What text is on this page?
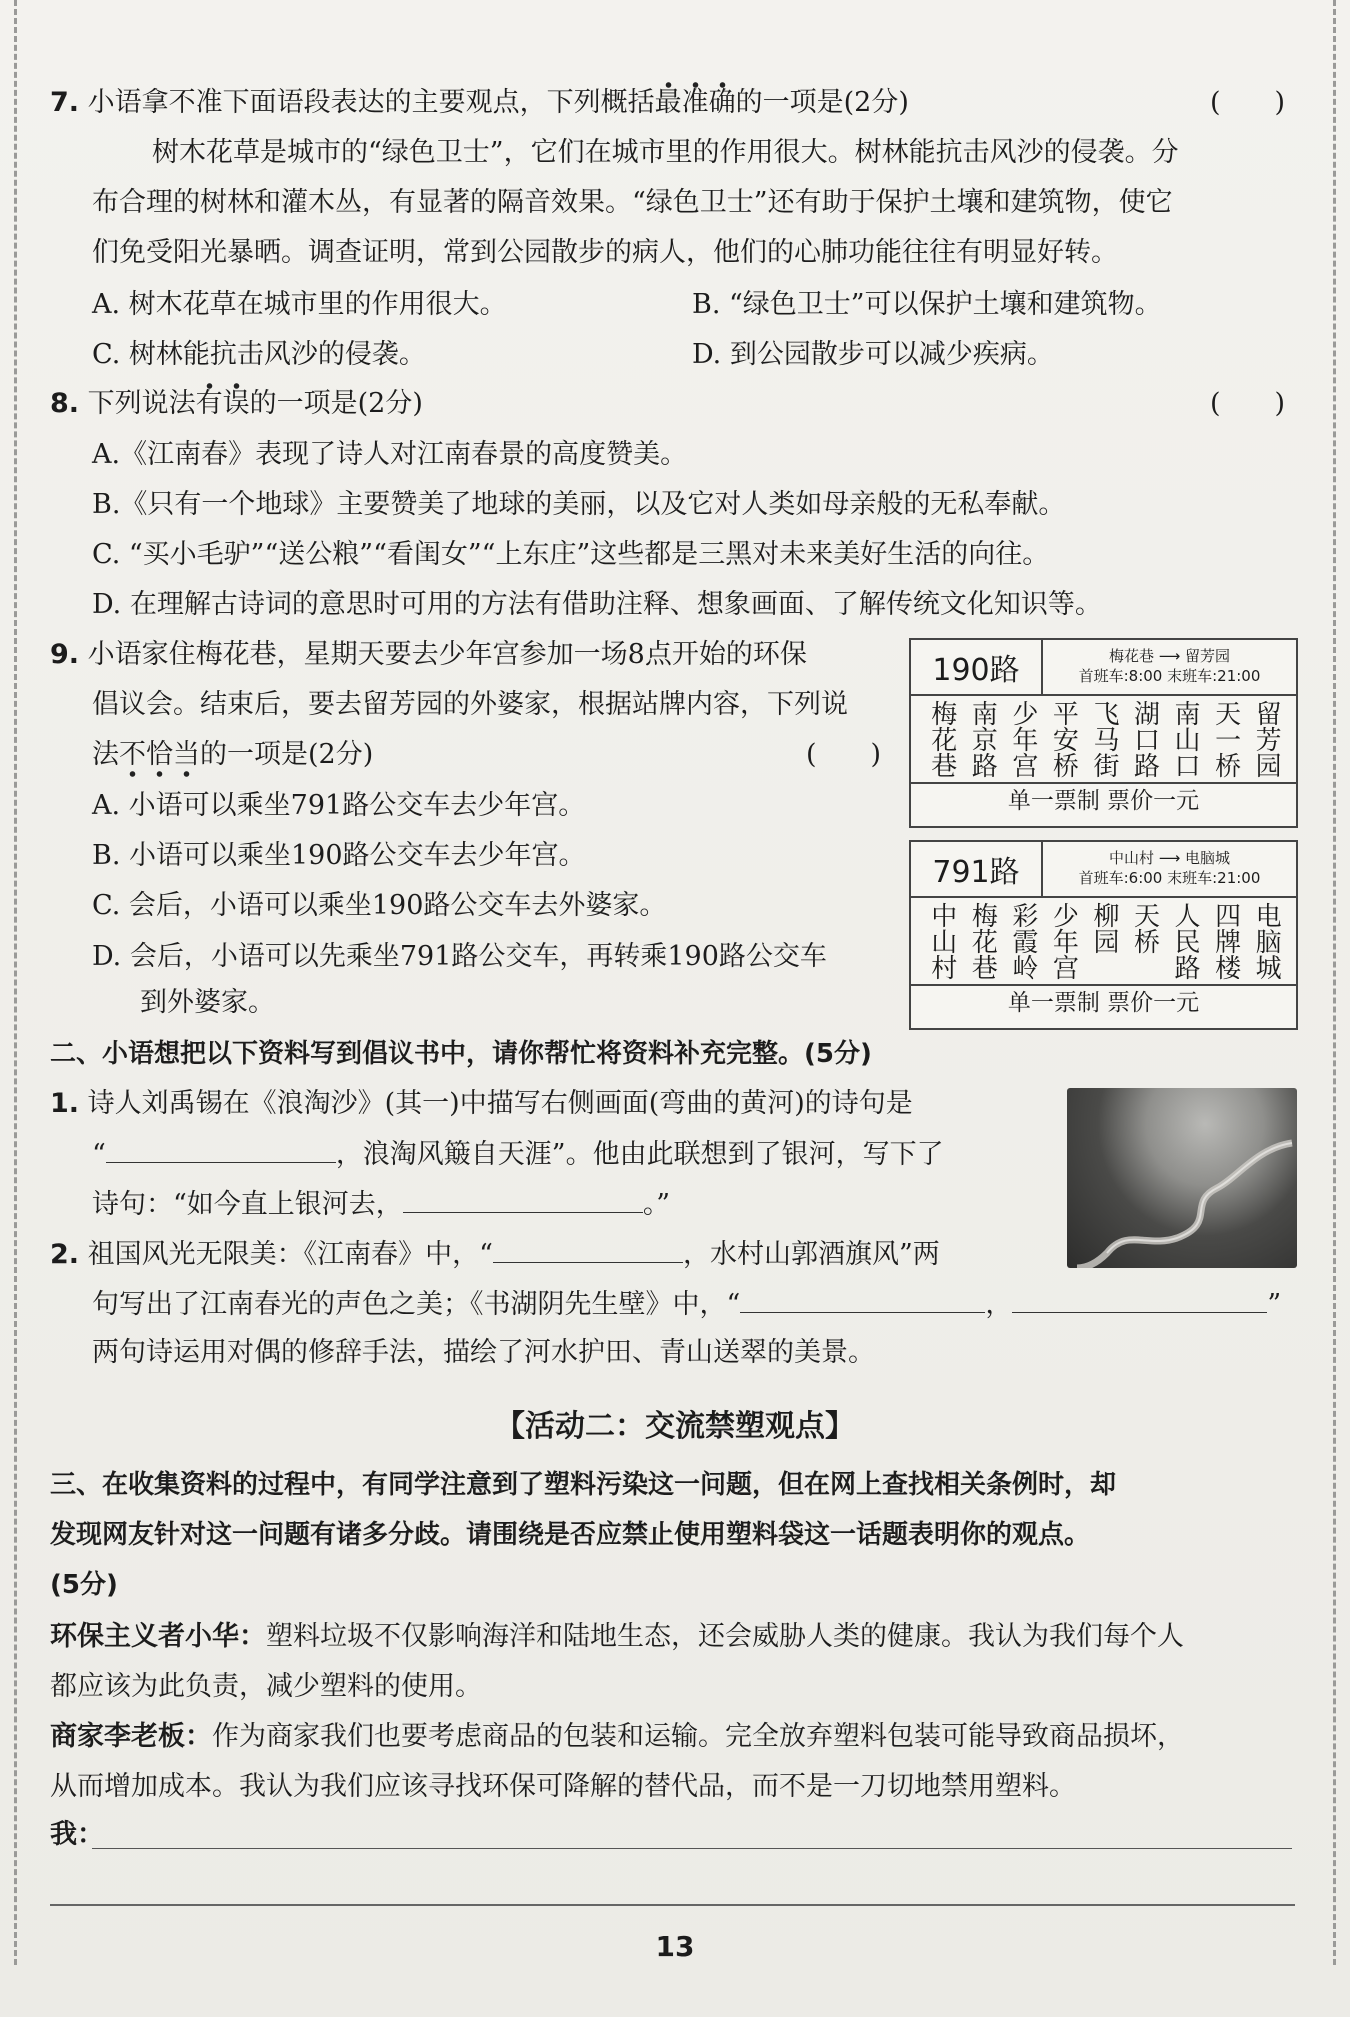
7. 小语拿不准下面语段表达的主要观点，下列概括最准确的一项是(2分)	(　　)
树木花草是城市的“绿色卫士”，它们在城市里的作用很大。树林能抗击风沙的侵袭。分
布合理的树林和灌木丛，有显著的隔音效果。“绿色卫士”还有助于保护土壤和建筑物，使它
们免受阳光暴晒。调查证明，常到公园散步的病人，他们的心肺功能往往有明显好转。
A. 树木花草在城市里的作用很大。	B. “绿色卫士”可以保护土壤和建筑物。
C. 树林能抗击风沙的侵袭。	D. 到公园散步可以减少疾病。
8. 下列说法有误的一项是(2分)	(　　)
A.《江南春》表现了诗人对江南春景的高度赞美。
B.《只有一个地球》主要赞美了地球的美丽，以及它对人类如母亲般的无私奉献。
C. “买小毛驴”“送公粮”“看闺女”“上东庄”这些都是三黑对未来美好生活的向往。
D. 在理解古诗词的意思时可用的方法有借助注释、想象画面、了解传统文化知识等。
9. 小语家住梅花巷，星期天要去少年宫参加一场8点开始的环保
倡议会。结束后，要去留芳园的外婆家，根据站牌内容，下列说
法不恰当的一项是(2分)	(　　)
A. 小语可以乘坐791路公交车去少年宫。
B. 小语可以乘坐190路公交车去少年宫。
C. 会后，小语可以乘坐190路公交车去外婆家。
D. 会后，小语可以先乘坐791路公交车，再转乘190路公交车
到外婆家。
190路	梅花巷 ⟶ 留芳园
首班车:8:00 末班车:21:00
梅花巷 南京路 少年宫 平安桥 飞马街 湖口路 南山口 天一桥 留芳园
单一票制 票价一元
791路	中山村 ⟶ 电脑城
首班车:6:00 末班车:21:00
中山村 梅花巷 彩霞岭 少年宫 柳园 天桥 人民路 四牌楼 电脑城
单一票制 票价一元
二、小语想把以下资料写到倡议书中，请你帮忙将资料补充完整。(5分)
1. 诗人刘禹锡在《浪淘沙》(其一)中描写右侧画面(弯曲的黄河)的诗句是
“	，浪淘风簸自天涯”。他由此联想到了银河，写下了
诗句：“如今直上银河去，	。”
2. 祖国风光无限美：《江南春》中，“	，水村山郭酒旗风”两
句写出了江南春光的声色之美；《书湖阴先生壁》中，“	，	”
两句诗运用对偶的修辞手法，描绘了河水护田、青山送翠的美景。
【活动二：交流禁塑观点】
三、在收集资料的过程中，有同学注意到了塑料污染这一问题，但在网上查找相关条例时，却
发现网友针对这一问题有诸多分歧。请围绕是否应禁止使用塑料袋这一话题表明你的观点。
(5分)
环保主义者小华：塑料垃圾不仅影响海洋和陆地生态，还会威胁人类的健康。我认为我们每个人
都应该为此负责，减少塑料的使用。
商家李老板：作为商家我们也要考虑商品的包装和运输。完全放弃塑料包装可能导致商品损坏，
从而增加成本。我认为我们应该寻找环保可降解的替代品，而不是一刀切地禁用塑料。
我：
13
